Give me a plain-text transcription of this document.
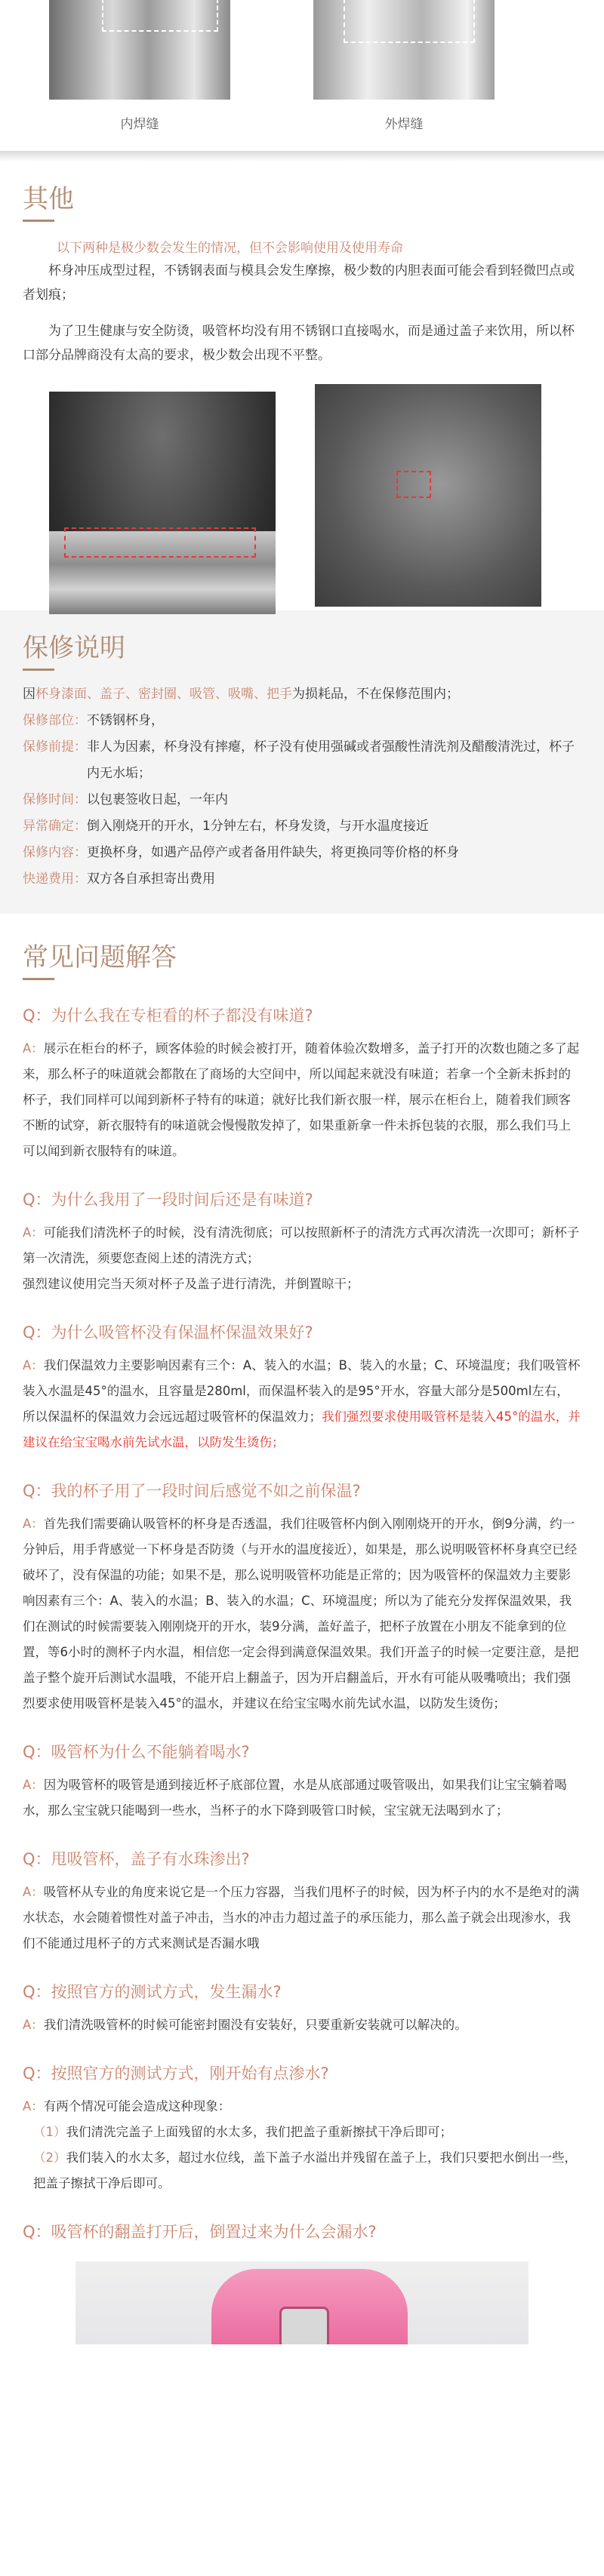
内焊缝	外焊缝
其他
以下两种是极少数会发生的情况，但不会影响使用及使用寿命
杯身冲压成型过程，不锈钢表面与模具会发生摩擦，极少数的内胆表面可能会看到轻微凹点或者划痕；
为了卫生健康与安全防烫，吸管杯均没有用不锈钢口直接喝水，而是通过盖子来饮用，所以杯口部分品牌商没有太高的要求，极少数会出现不平整。
保修说明
因 杯身漆面、盖子、密封圈、吸管、吸嘴、把手 为损耗品，不在保修范围内；
保修部位： 不锈钢杯身，
保修前提： 非人为因素，杯身没有摔瘪，杯子没有使用强碱或者强酸性清洗剂及醋酸清洗过，杯子内无水垢；
保修时间： 以包裹签收日起，一年内
异常确定： 倒入刚烧开的开水，1分钟左右，杯身发烫，与开水温度接近
保修内容： 更换杯身，如遇产品停产或者备用件缺失，将更换同等价格的杯身
快递费用： 双方各自承担寄出费用
常见问题解答
Q：为什么我在专柜看的杯子都没有味道?
A：展示在柜台的杯子，顾客体验的时候会被打开，随着体验次数增多，盖子打开的次数也随之多了起来，那么杯子的味道就会都散在了商场的大空间中，所以闻起来就没有味道；若拿一个全新未拆封的杯子，我们同样可以闻到新杯子特有的味道；就好比我们新衣服一样，展示在柜台上，随着我们顾客不断的试穿，新衣服特有的味道就会慢慢散发掉了，如果重新拿一件未拆包装的衣服，那么我们马上可以闻到新衣服特有的味道。
Q：为什么我用了一段时间后还是有味道?
A：可能我们清洗杯子的时候，没有清洗彻底；可以按照新杯子的清洗方式再次清洗一次即可；新杯子第一次清洗，须要您查阅上述的清洗方式；
强烈建议使用完当天须对杯子及盖子进行清洗，并倒置晾干；
Q：为什么吸管杯没有保温杯保温效果好?
A：我们保温效力主要影响因素有三个：A、装入的水温；B、装入的水量；C、环境温度；我们吸管杯装入水温是45°的温水，且容量是280ml，而保温杯装入的是95°开水，容量大部分是500ml左右，所以保温杯的保温效力会远远超过吸管杯的保温效力；我们强烈要求使用吸管杯是装入45°的温水，并建议在给宝宝喝水前先试水温，以防发生烫伤；
Q：我的杯子用了一段时间后感觉不如之前保温?
A：首先我们需要确认吸管杯的杯身是否透温，我们往吸管杯内倒入刚刚烧开的开水，倒9分满，约一分钟后，用手背感觉一下杯身是否防烫（与开水的温度接近），如果是，那么说明吸管杯杯身真空已经破坏了，没有保温的功能；如果不是，那么说明吸管杯功能是正常的；因为吸管杯的保温效力主要影响因素有三个：A、装入的水温；B、装入的水温；C、环境温度；所以为了能充分发挥保温效果，我们在测试的时候需要装入刚刚烧开的开水，装9分满，盖好盖子，把杯子放置在小朋友不能拿到的位置，等6小时的测杯子内水温，相信您一定会得到满意保温效果。我们开盖子的时候一定要注意，是把盖子整个旋开后测试水温哦，不能开启上翻盖子，因为开启翻盖后，开水有可能从吸嘴喷出；我们强烈要求使用吸管杯是装入45°的温水，并建议在给宝宝喝水前先试水温，以防发生烫伤；
Q：吸管杯为什么不能躺着喝水?
A：因为吸管杯的吸管是通到接近杯子底部位置，水是从底部通过吸管吸出，如果我们让宝宝躺着喝水，那么宝宝就只能喝到一些水，当杯子的水下降到吸管口时候，宝宝就无法喝到水了；
Q：甩吸管杯，盖子有水珠渗出?
A：吸管杯从专业的角度来说它是一个压力容器，当我们甩杯子的时候，因为杯子内的水不是绝对的满水状态，水会随着惯性对盖子冲击，当水的冲击力超过盖子的承压能力，那么盖子就会出现渗水，我们不能通过甩杯子的方式来测试是否漏水哦
Q：按照官方的测试方式，发生漏水?
A：我们清洗吸管杯的时候可能密封圈没有安装好，只要重新安装就可以解决的。
Q：按照官方的测试方式，刚开始有点渗水?
A：有两个情况可能会造成这种现象：
（1）我们清洗完盖子上面残留的水太多，我们把盖子重新擦拭干净后即可；
（2）我们装入的水太多，超过水位线，盖下盖子水溢出并残留在盖子上，我们只要把水倒出一些，把盖子擦拭干净后即可。
Q：吸管杯的翻盖打开后，倒置过来为什么会漏水?
